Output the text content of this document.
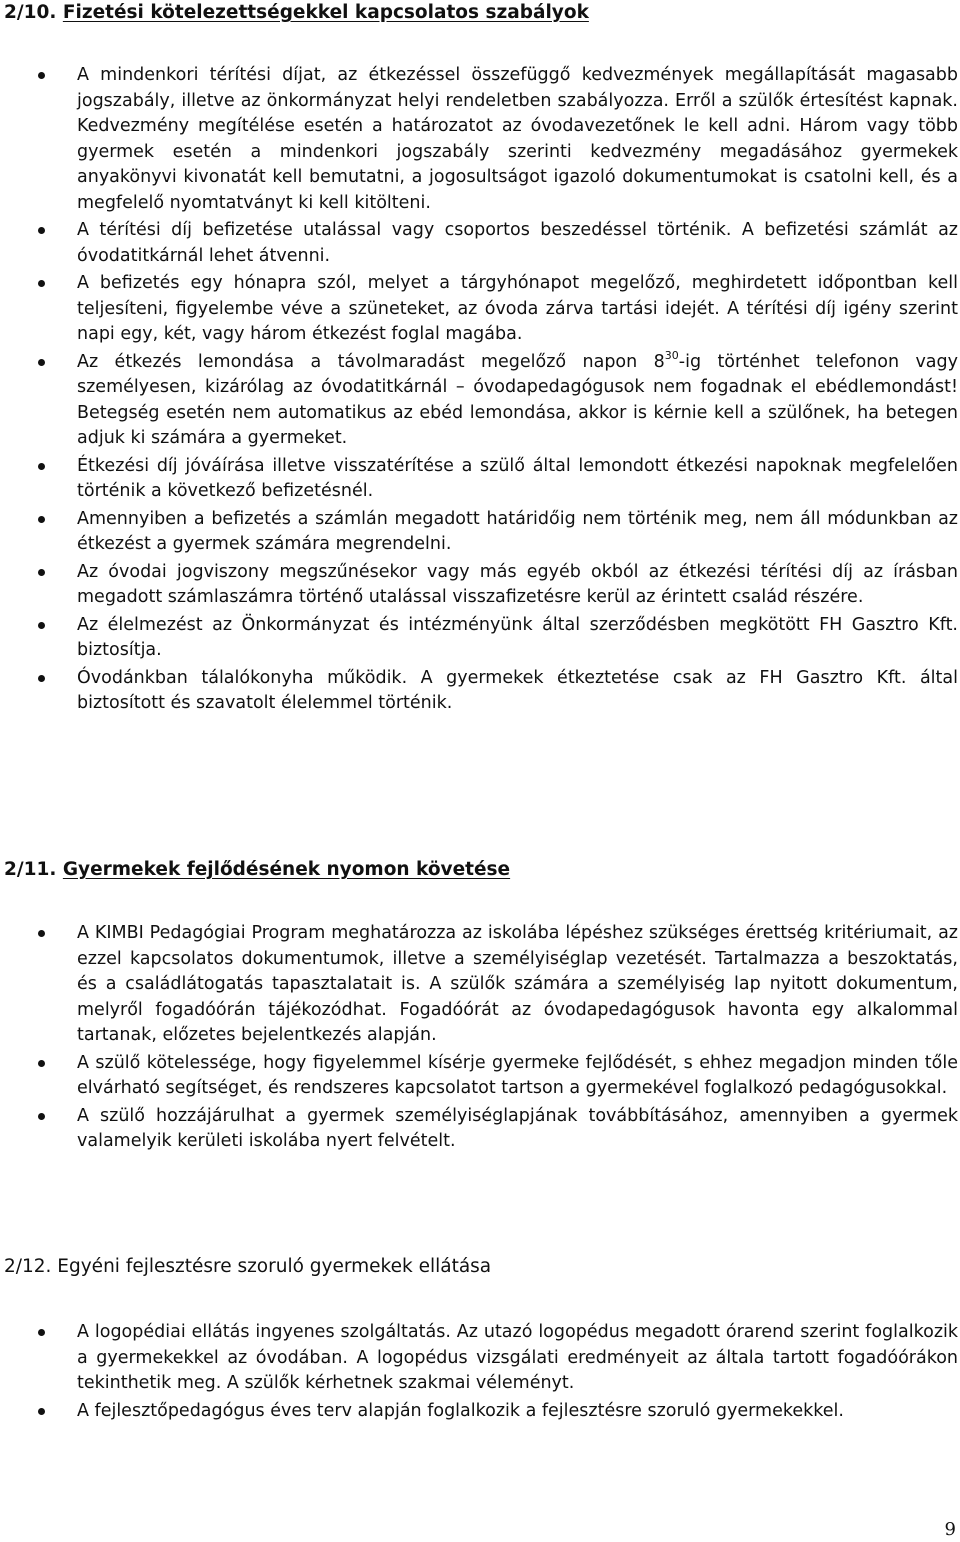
2/10. Fizetési kötelezettségekkel kapcsolatos szabályok
A mindenkori térítési díjat, az étkezéssel összefüggő kedvezmények megállapítását magasabb jogszabály, illetve az önkormányzat helyi rendeletben szabályozza. Erről a szülők értesítést kapnak. Kedvezmény megítélése esetén a határozatot az óvodavezetőnek le kell adni. Három vagy több gyermek esetén a mindenkori jogszabály szerinti kedvezmény megadásához gyermekek anyakönyvi kivonatát kell bemutatni, a jogosultságot igazoló dokumentumokat is csatolni kell, és a megfelelő nyomtatványt ki kell kitölteni.
A térítési díj befizetése utalással vagy csoportos beszedéssel történik. A befizetési számlát az óvodatitkárnál lehet átvenni.
A befizetés egy hónapra szól, melyet a tárgyhónapot megelőző, meghirdetett időpontban kell teljesíteni, figyelembe véve a szüneteket, az óvoda zárva tartási idejét. A térítési díj igény szerint napi egy, két, vagy három étkezést foglal magába.
Az étkezés lemondása a távolmaradást megelőző napon $8^{30}-ig$ történhet telefonon vagy személyesen, kizárólag az óvodatitkárnál – óvodapedagógusok nem fogadnak el ebédlemondást! Betegség esetén nem automatikus az ebéd lemondása, akkor is kérnie kell a szülőnek, ha betegen adjuk ki számára a gyermeket.
Étkezési díj jóváírása illetve visszatérítése a szülő által lemondott étkezési napoknak megfelelően történik a következő befizetésnél.
Amennyiben a befizetés a számlán megadott határidőig nem történik meg, nem áll módunkban az étkezést a gyermek számára megrendelni.
Az óvodai jogviszony megszűnésekor vagy más egyéb okból az étkezési térítési díj az írásban megadott számlaszámra történő utalással visszafizetésre kerül az érintett család részére.
Az élelmezést az Önkormányzat és intézményünk által szerződésben megkötött FH Gasztro Kft. biztosítja.
Óvodánkban tálalókonyha működik. A gyermekek étkeztetése csak az FH Gasztro Kft. által biztosított és szavatolt élelemmel történik.
2/11. Gyermekek fejlődésének nyomon követése
A KIMBI Pedagógiai Program meghatározza az iskolába lépéshez szükséges érettség kritériumait, az ezzel kapcsolatos dokumentumok, illetve a személyiséglap vezetését. Tartalmazza a beszoktatás, és a családlátogatás tapasztalatait is. A szülők számára a személyiség lap nyitott dokumentum, melyről fogadóórán tájékozódhat. Fogadóórát az óvodapedagógusok havonta egy alkalommal tartanak, előzetes bejelentkezés alapján.
A szülő kötelessége, hogy figyelemmel kísérje gyermeke fejlődését, s ehhez megadjon minden tőle elvárható segítséget, és rendszeres kapcsolatot tartson a gyermekével foglalkozó pedagógusokkal.
A szülő hozzájárulhat a gyermek személyiséglapjának továbbításához, amennyiben a gyermek valamelyik kerületi iskolába nyert felvételt.
2/12. Egyéni fejlesztésre szoruló gyermekek ellátása
A logopédiai ellátás ingyenes szolgáltatás. Az utazó logopédus megadott órarend szerint foglalkozik a gyermekekkel az óvodában. A logopédus vizsgálati eredményeit az általa tartott fogadóórákon tekinthetik meg. A szülők kérhetnek szakmai véleményt.
A fejlesztőpedagógus éves terv alapján foglalkozik a fejlesztésre szoruló gyermekekkel.
9
